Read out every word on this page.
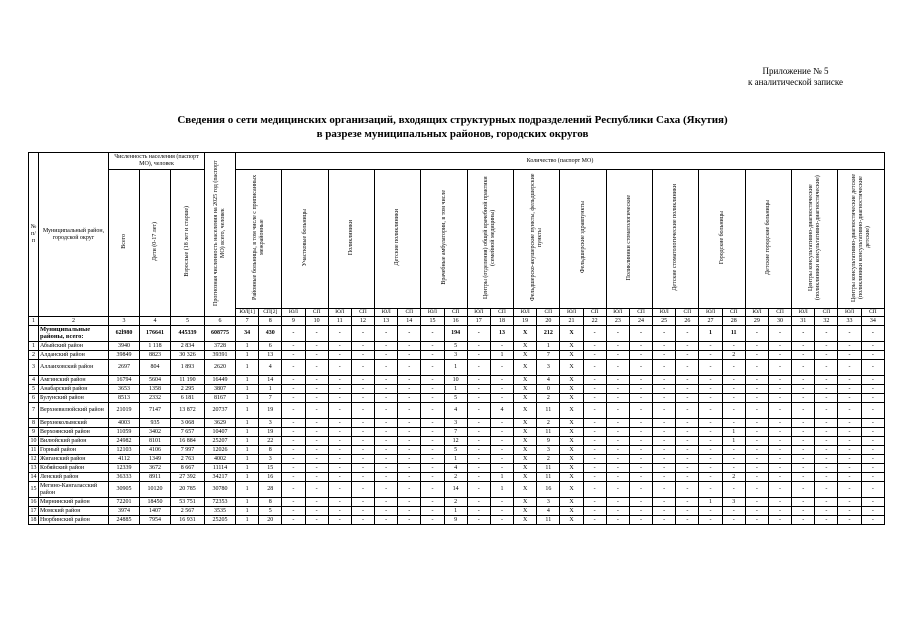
Приложение № 5
к аналитической записке
Сведения о сети медицинских организаций, входящих структурных подразделений Республики Саха (Якутия)
в разрезе муниципальных районов, городских округов
№ п/п	Муниципальный район, городской округ	Численность населения (паспорт МО), человек			Прогнозная численность населения на 2025 год (паспорт МО) всего, человек	Количество (паспорт МО)																											
		Всего	Дети (0-17 лет)	Взрослые (18 лет и старше)		Районные больницы, в том числе с приписанных межрайонные		Участковые больницы		Поликлиники		Детские поликлиники		Врачебные амбулатории, в том числе		Центры (отделения) общей врачебной практики (семейной медицины)		Фельдшерско-акушерские пункты, фельдшерские пункты		Фельдшерские здравпункты		Поликлиники стоматологические		Детские стоматологические поликлиники		Городские больницы		Детские городские больницы		Центры консультативно-диагностические (поликлиники консультативно-диагностические)		Центры консультативно-диагностические детские (поликлиники консультативно-диагностические детские)	
						ЮЛ[1]	СП[2]	ЮЛ	СП	ЮЛ	СП	ЮЛ	СП	ЮЛ	СП	ЮЛ	СП	ЮЛ	СП	ЮЛ	СП	ЮЛ	СП	ЮЛ	СП	ЮЛ	СП	ЮЛ	СП	ЮЛ	СП	ЮЛ	СП
1	2	3	4	5	6	7	8	9	10	11	12	13	14	15	16	17	18	19	20	21	22	23	24	25	26	27	28	29	30	31	32	33	34
	Муниципальные районы, всего:	62l980	176641	445339	608775	34	430	-	-	-	-	-	-	-	194	-	13	X	212	X	-	-	-	-	-	1	11	-	-	-	-	-	-
1	Абыйский район	3940	1 118	2 834	3728	1	6	-	-	-	-	-	-	-	5	-	-	X	1	X	-	-	-	-	-	-	-	-	-	-	-	-	-
2	Алданский район	39849	8823	30 326	39391	1	13	-	-	-	-	-	-	-	3	-	1	X	7	X	-	-	-	-	-	-	2	-	-	-	-	-	-
3	Аллаиховский район	2697	804	1 893	2620	1	4	-	-	-	-	-	-	-	1	-	-	X	3	X	-	-	-	-	-	-	-	-	-	-	-	-	-
4	Амгинский район	16794	5604	11 190	16449	1	14	-	-	-	-	-	-	-	10	-	-	X	4	X	-	-	-	-	-	-	-	-	-	-	-	-	-
5	Анабарский район	3653	1358	2 295	3807	1	1	-	-	-	-	-	-	-	1	-	-	X	0	X	-	-	-	-	-	-	-	-	-	-	-	-	-
6	Булунский район	8513	2332	6 181	8167	1	7	-	-	-	-	-	-	-	5	-	-	X	2	X	-	-	-	-	-	-	-	-	-	-	-	-	-
7	Верхневилюйский район	21019	7147	13 872	20737	1	19	-	-	-	-	-	-	-	4	-	4	X	11	X	-	-	-	-	-	-	-	-	-	-	-	-	-
8	Верхнеколымский	4003	935	3 068	3629	1	3	-	-	-	-	-	-	-	3	-	-	X	2	X	-	-	-	-	-	-	-	-	-	-	-	-	-
9	Верхоянский район	11059	3402	7 657	10407	1	19	-	-	-	-	-	-	-	7	-	-	X	11	X	-	-	-	-	-	-	1	-	-	-	-	-	-
10	Вилюйский район	24982	8101	16 884	25207	1	22	-	-	-	-	-	-	-	12	-	-	X	9	X	-	-	-	-	-	-	1	-	-	-	-	-	-
11	Горный район	12103	4106	7 997	12026	1	8	-	-	-	-	-	-	-	5	-	-	X	3	X	-	-	-	-	-	-	-	-	-	-	-	-	-
12	Жиганский район	4112	1349	2 763	4002	1	3	-	-	-	-	-	-	-	1	-	-	X	2	X	-	-	-	-	-	-	-	-	-	-	-	-	-
13	Кобяйский район	12339	3672	8 667	11114	1	15	-	-	-	-	-	-	-	4	-	-	X	11	X	-	-	-	-	-	-	-	-	-	-	-	-	-
14	Ленский район	36333	8911	27 392	34217	1	16	-	-	-	-	-	-	-	2	-	1	X	11	X	-	-	-	-	-	-	2	-	-	-	-	-	-
15	Мегино-Кангаласский район	30905	10120	20 785	30780	1	28	-	-	-	-	-	-	-	14	-	1	X	16	X	-	-	-	-	-	-	-	-	-	-	-	-	-
16	Мирнинский район	72201	18450	53 751	72353	1	8	-	-	-	-	-	-	-	2	-	-	X	3	X	-	-	-	-	-	1	3	-	-	-	-	-	-
17	Момский район	3974	1407	2 567	3535	1	5	-	-	-	-	-	-	-	1	-	-	X	4	X	-	-	-	-	-	-	-	-	-	-	-	-	-
18	Нюрбинский район	24885	7954	16 931	25205	1	20	-	-	-	-	-	-	-	9	-	-	X	11	X	-	-	-	-	-	-	-	-	-	-	-	-	-
